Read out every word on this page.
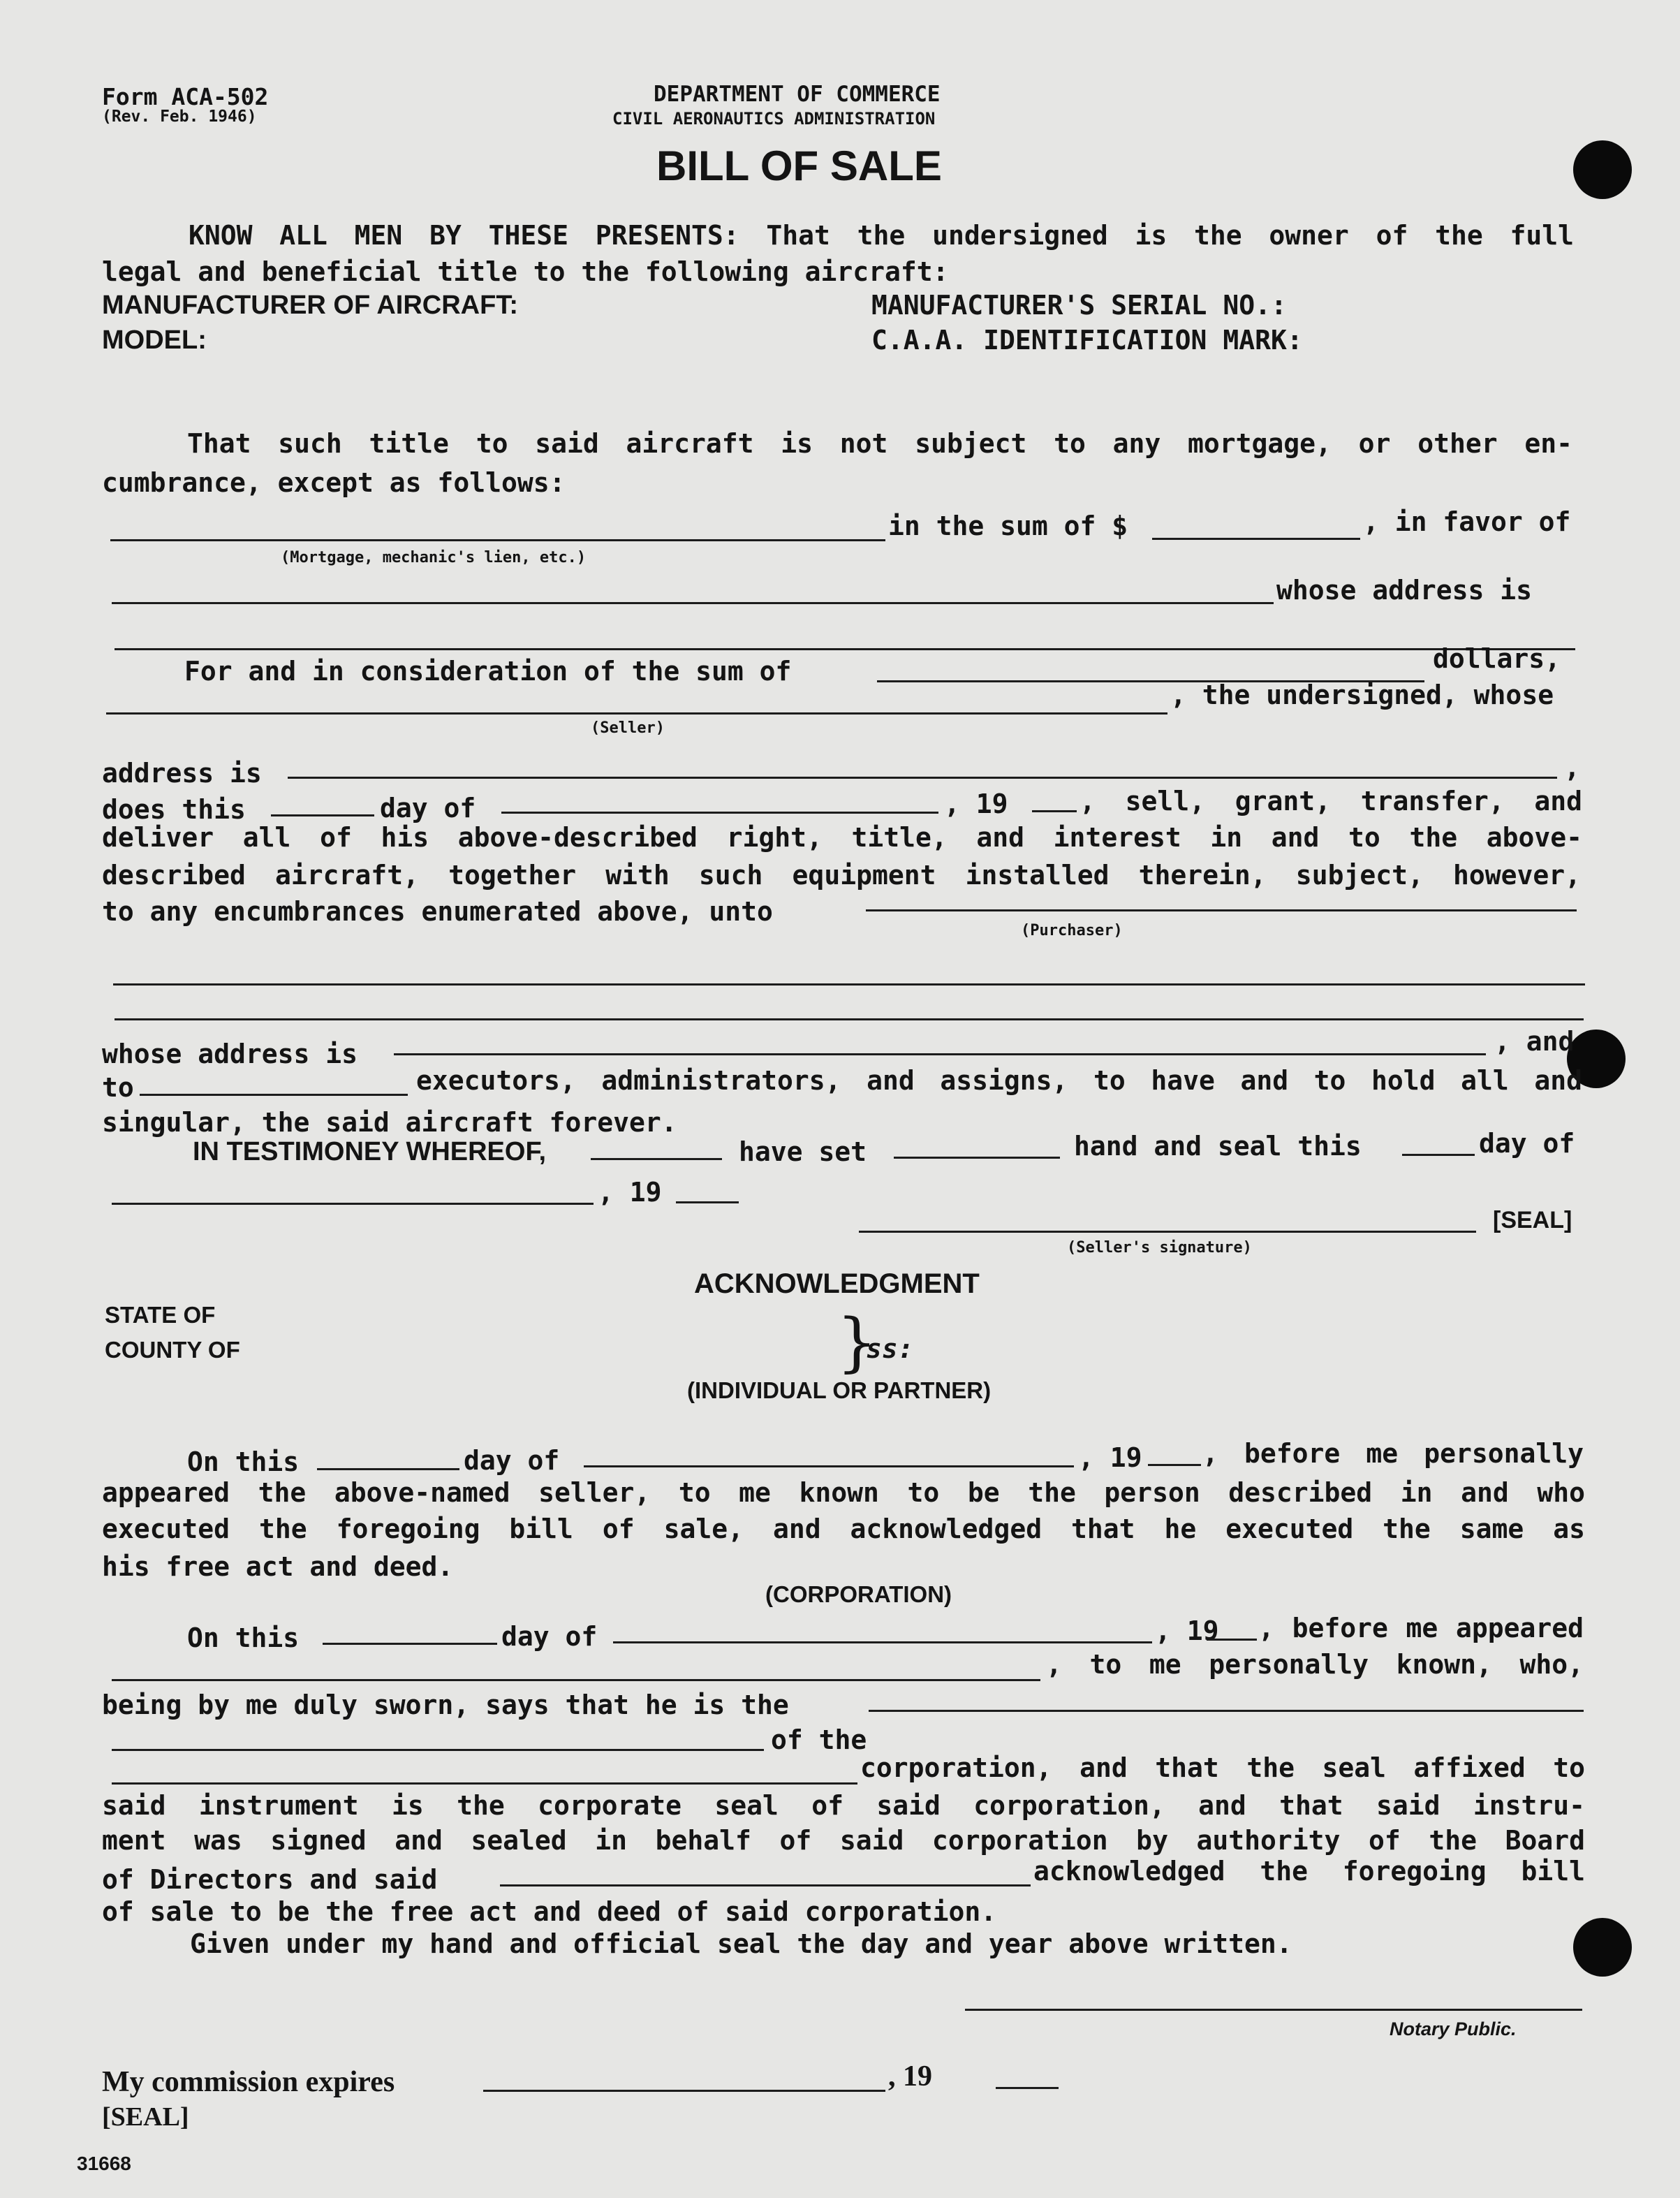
Form ACA-502
(Rev. Feb. 1946)
DEPARTMENT OF COMMERCE
CIVIL AERONAUTICS ADMINISTRATION
BILL OF SALE
KNOW ALL MEN BY THESE PRESENTS: That the undersigned is the owner of the full
legal and beneficial title to the following aircraft:
MANUFACTURER OF AIRCRAFT:	MANUFACTURER'S SERIAL NO.:
MODEL:	C.A.A. IDENTIFICATION MARK:
That such title to said aircraft is not subject to any mortgage, or other en-
cumbrance, except as follows:
in the sum of $	, in favor of
(Mortgage, mechanic's lien, etc.)
whose address is
For and in consideration of the sum of	dollars,
, the undersigned, whose
(Seller)
address is	,
does this	day of	, 19	, sell, grant, transfer, and
deliver all of his above-described right, title, and interest in and to the above-
described aircraft, together with such equipment installed therein, subject, however,
to any encumbrances enumerated above, unto
(Purchaser)
whose address is	, and
to	executors, administrators, and assigns, to have and to hold all and
singular, the said aircraft forever.
IN TESTIMONEY WHEREOF,	have set	hand and seal this	day of
, 19
[SEAL]
(Seller's signature)
ACKNOWLEDGMENT
STATE OF
COUNTY OF	}
ss:
(INDIVIDUAL OR PARTNER)
On this	day of	, 19 , before me personally
appeared the above-named seller, to me known to be the person described in and who
executed the foregoing bill of sale, and acknowledged that he executed the same as
his free act and deed.
(CORPORATION)
On this	day of	, 19 , before me appeared
, to me personally known, who,
being by me duly sworn, says that he is the
of the
corporation, and that the seal affixed to
said instrument is the corporate seal of said corporation, and that said instru-
ment was signed and sealed in behalf of said corporation by authority of the Board
of Directors and said	acknowledged the foregoing bill
of sale to be the free act and deed of said corporation.
Given under my hand and official seal the day and year above written.
Notary Public.
My commission expires	, 19
[SEAL]
31668
